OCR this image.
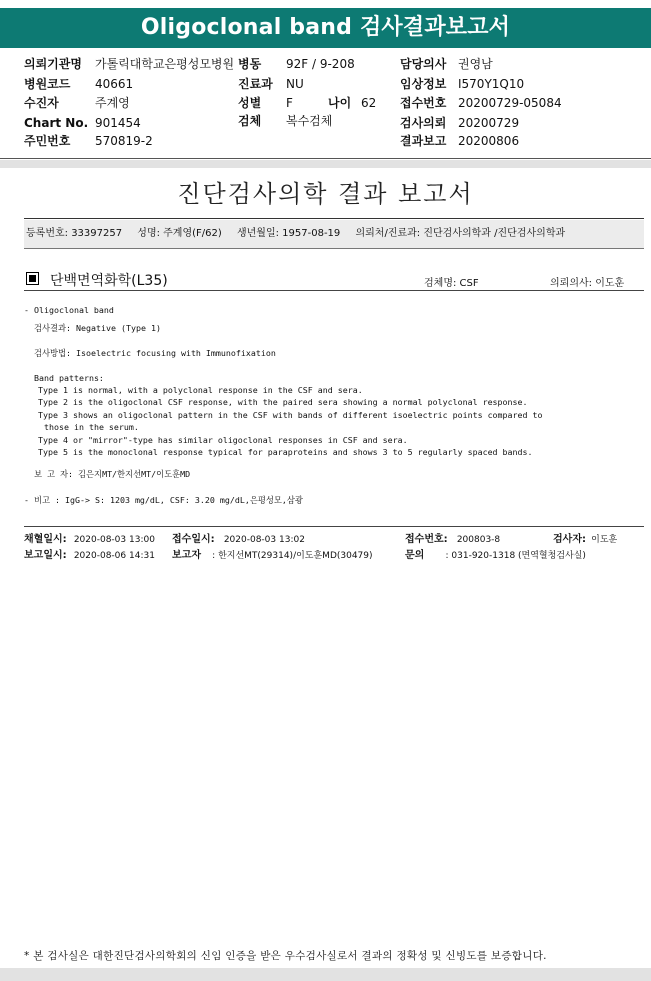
Oligoclonal band 검사결과보고서
의뢰기관명 가톨릭대학교은평성모병원 병동 92F / 9-208	담당의사 권영남
병원코드 40661	진료과 NU	임상정보 I570Y1Q10
수진자	주계영	성별 F	나이 62 접수번호 20200729-05084
Chart No. 901454	검체 복수검체	검사의뢰 20200729
주민번호 570819-2	결과보고 20200806
진단검사의학 결과 보고서
등록번호: 33397257 성명: 주계영(F/62) 생년월일: 1957-08-19 의뢰처/진료과: 진단검사의학과 /진단검사의학과
단백면역화학(L35)	검체명: CSF	의뢰의사: 이도훈
- Oligoclonal band
검사결과: Negative (Type 1)
검사방법: Isoelectric focusing with Immunofixation
Band patterns:
Type 1 is normal, with a polyclonal response in the CSF and sera.
Type 2 is the oligoclonal CSF response, with the paired sera showing a normal polyclonal response.
Type 3 shows an oligoclonal pattern in the CSF with bands of different isoelectric points compared to
those in the serum.
Type 4 or "mirror"-type has similar oligoclonal responses in CSF and sera.
Type 5 is the monoclonal response typical for paraproteins and shows 3 to 5 regularly spaced bands.
보 고 자: 김은지MT/한지선MT/이도훈MD
- 비고 : IgG-> S: 1203 mg/dL, CSF: 3.20 mg/dL,은평성모,삼광
채혈일시: 2020-08-03 13:00 접수일시: 2020-08-03 13:02	접수번호: 200803-8	검사자: 이도훈
보고일시: 2020-08-06 14:31 보고자 : 한지선MT(29314)/이도훈MD(30479)	문의 : 031-920-1318 (면역혈청검사실)
* 본 검사실은 대한진단검사의학회의 신임 인증을 받은 우수검사실로서 결과의 정확성 및 신빙도를 보증합니다.
